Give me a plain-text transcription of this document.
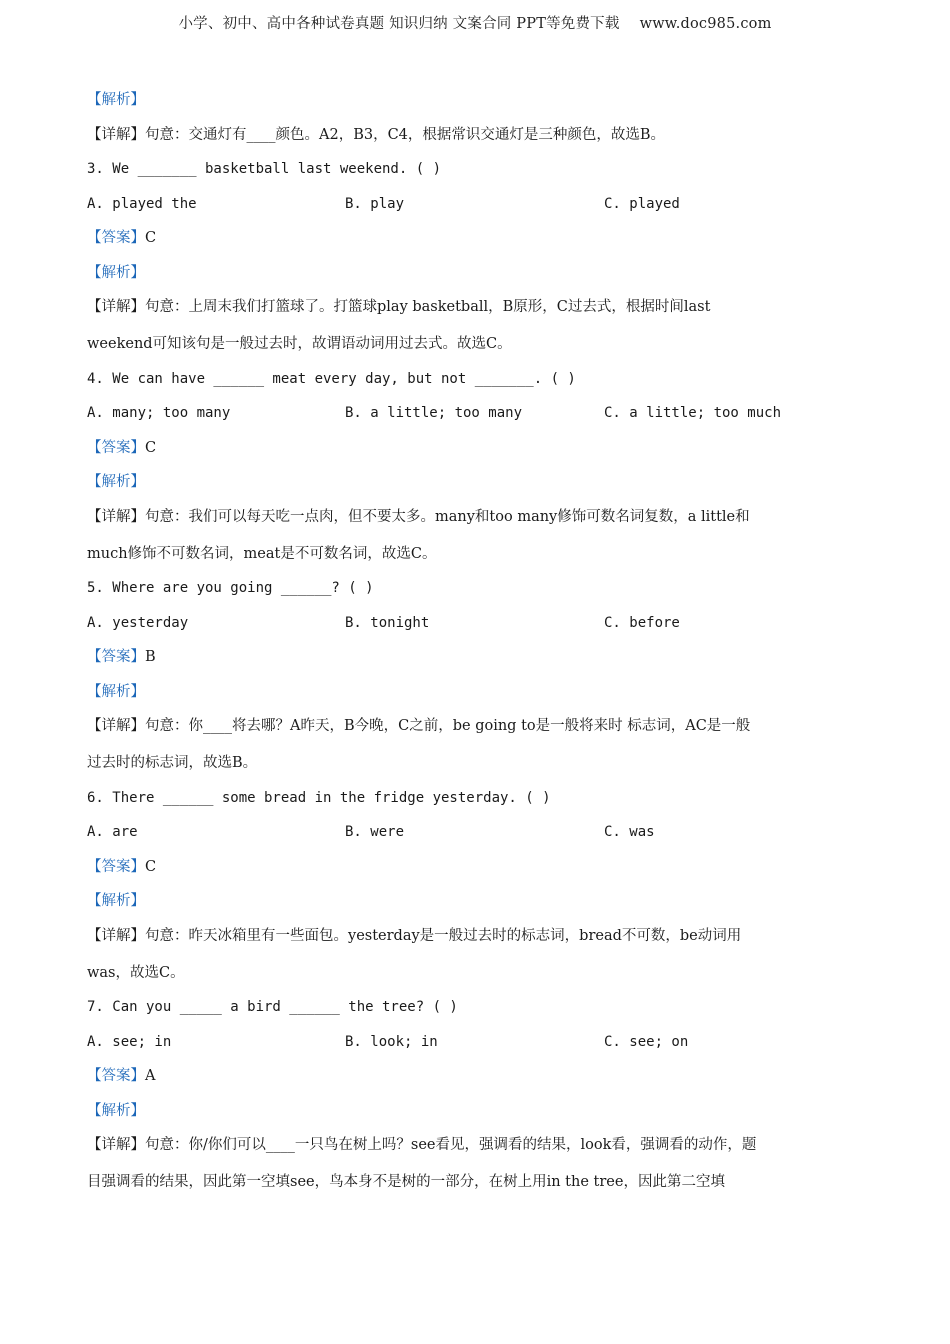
小学、初中、高中各种试卷真题 知识归纳 文案合同 PPT等免费下载 www.doc985.com
【解析】
【详解】句意：交通灯有____颜色。A2，B3，C4，根据常识交通灯是三种颜色，故选B。
3. We _______ basketball last weekend. ( )
A. played the	B. play	C. played
【答案】C
【解析】
【详解】句意：上周末我们打篮球了。打篮球play basketball，B原形，C过去式，根据时间last
weekend可知该句是一般过去时，故谓语动词用过去式。故选C。
4. We can have ______ meat every day, but not _______. ( )
A. many; too many	B. a little; too many	C. a little; too much
【答案】C
【解析】
【详解】句意：我们可以每天吃一点肉，但不要太多。many和too many修饰可数名词复数，a little和
much修饰不可数名词，meat是不可数名词，故选C。
5. Where are you going ______? ( )
A. yesterday	B. tonight	C. before
【答案】B
【解析】
【详解】句意：你____将去哪？A昨天，B今晚，C之前，be going to是一般将来时 标志词，AC是一般
过去时的标志词，故选B。
6. There ______ some bread in the fridge yesterday. ( )
A. are	B. were	C. was
【答案】C
【解析】
【详解】句意：昨天冰箱里有一些面包。yesterday是一般过去时的标志词，bread不可数，be动词用
was，故选C。
7. Can you _____ a bird ______ the tree? ( )
A. see; in	B. look; in	C. see; on
【答案】A
【解析】
【详解】句意：你/你们可以____一只鸟在树上吗？see看见，强调看的结果，look看，强调看的动作，题
目强调看的结果，因此第一空填see，鸟本身不是树的一部分，在树上用in the tree，因此第二空填
